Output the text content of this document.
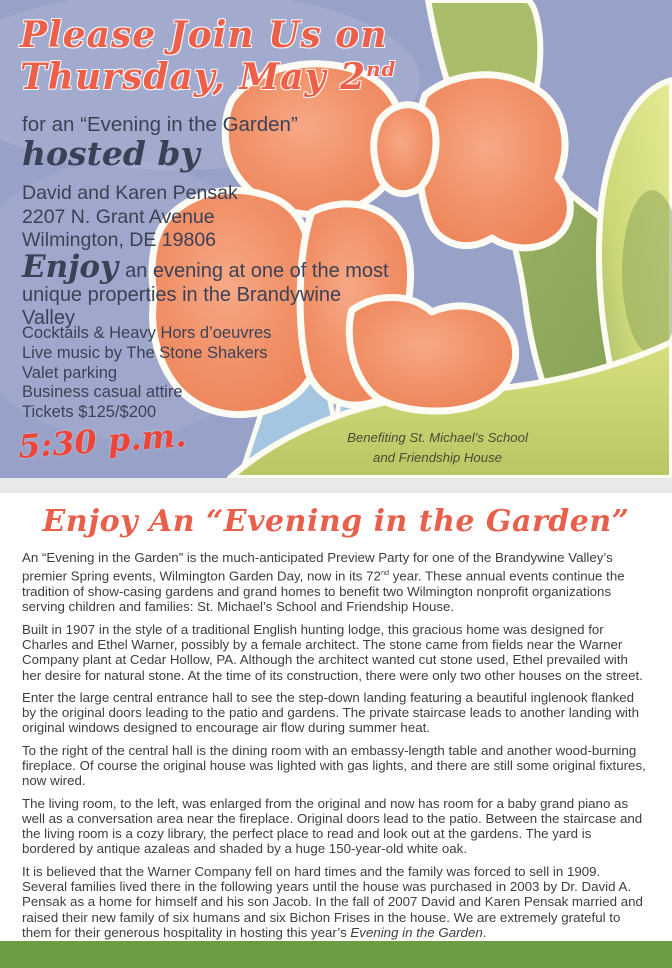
Please Join Us on
Thursday, May 2nd
for an “Evening in the Garden”
hosted by
David and Karen Pensak
2207 N. Grant Avenue
Wilmington, DE 19806
Enjoy an evening at one of the most unique properties in the Brandywine Valley
Cocktails & Heavy Hors d’oeuvres
Live music by The Stone Shakers
Valet parking
Business casual attire
Tickets $125/$200
5:30 p.m.	Benefiting St. Michael’s School
and Friendship House
Enjoy An “Evening in the Garden”

An “Evening in the Garden” is the much-anticipated Preview Party for one of the Brandywine Valley’s premier Spring events, Wilmington Garden Day, now in its 72nd year. These annual events continue the tradition of show-casing gardens and grand homes to benefit two Wilmington nonprofit organizations serving children and families: St. Michael’s School and Friendship House.

Built in 1907 in the style of a traditional English hunting lodge, this gracious home was designed for Charles and Ethel Warner, possibly by a female architect. The stone came from fields near the Warner Company plant at Cedar Hollow, PA. Although the architect wanted cut stone used, Ethel prevailed with her desire for natural stone. At the time of its construction, there were only two other houses on the street.

Enter the large central entrance hall to see the step-down landing featuring a beautiful inglenook flanked by the original doors leading to the patio and gardens. The private staircase leads to another landing with original windows designed to encourage air flow during summer heat.

To the right of the central hall is the dining room with an embassy-length table and another wood-burning fireplace. Of course the original house was lighted with gas lights, and there are still some original fixtures, now wired.

The living room, to the left, was enlarged from the original and now has room for a baby grand piano as well as a conversation area near the fireplace. Original doors lead to the patio. Between the staircase and the living room is a cozy library, the perfect place to read and look out at the gardens. The yard is bordered by antique azaleas and shaded by a huge 150-year-old white oak.

It is believed that the Warner Company fell on hard times and the family was forced to sell in 1909. Several families lived there in the following years until the house was purchased in 2003 by Dr. David A. Pensak as a home for himself and his son Jacob. In the fall of 2007 David and Karen Pensak married and raised their new family of six humans and six Bichon Frises in the house. We are extremely grateful to them for their generous hospitality in hosting this year’s Evening in the Garden.
